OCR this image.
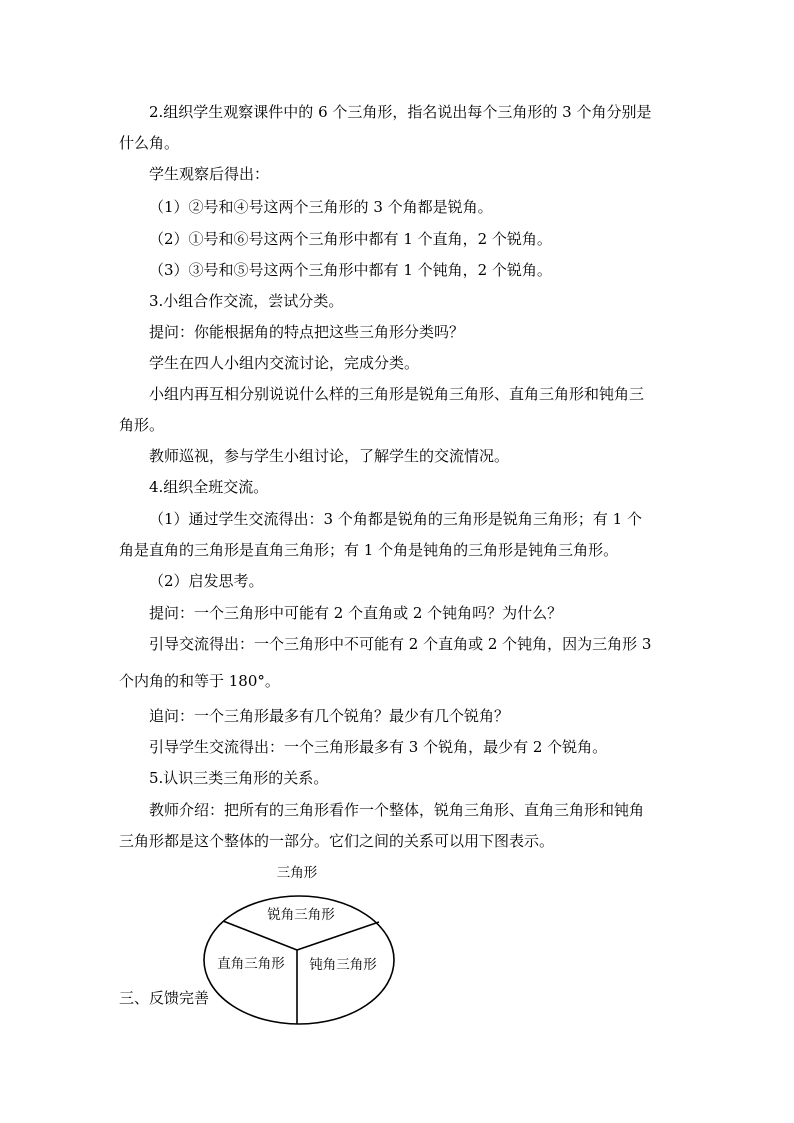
2.组织学生观察课件中的 6 个三角形，指名说出每个三角形的 3 个角分别是
什么角。
学生观察后得出：
（1）②号和④号这两个三角形的 3 个角都是锐角。
（2）①号和⑥号这两个三角形中都有 1 个直角，2 个锐角。
（3）③号和⑤号这两个三角形中都有 1 个钝角，2 个锐角。
3.小组合作交流，尝试分类。
提问：你能根据角的特点把这些三角形分类吗？
学生在四人小组内交流讨论，完成分类。
小组内再互相分别说说什么样的三角形是锐角三角形、直角三角形和钝角三
角形。
教师巡视，参与学生小组讨论，了解学生的交流情况。
4.组织全班交流。
（1）通过学生交流得出：3 个角都是锐角的三角形是锐角三角形；有 1 个
角是直角的三角形是直角三角形；有 1 个角是钝角的三角形是钝角三角形。
（2）启发思考。
提问：一个三角形中可能有 2 个直角或 2 个钝角吗？为什么？
引导交流得出：一个三角形中不可能有 2 个直角或 2 个钝角，因为三角形 3
个内角的和等于 180°。
追问：一个三角形最多有几个锐角？最少有几个锐角？
引导学生交流得出：一个三角形最多有 3 个锐角，最少有 2 个锐角。
5.认识三类三角形的关系。
教师介绍：把所有的三角形看作一个整体，锐角三角形、直角三角形和钝角
三角形都是这个整体的一部分。它们之间的关系可以用下图表示。
三、反馈完善
三角形
锐角三角形
直角三角形 钝角三角形
